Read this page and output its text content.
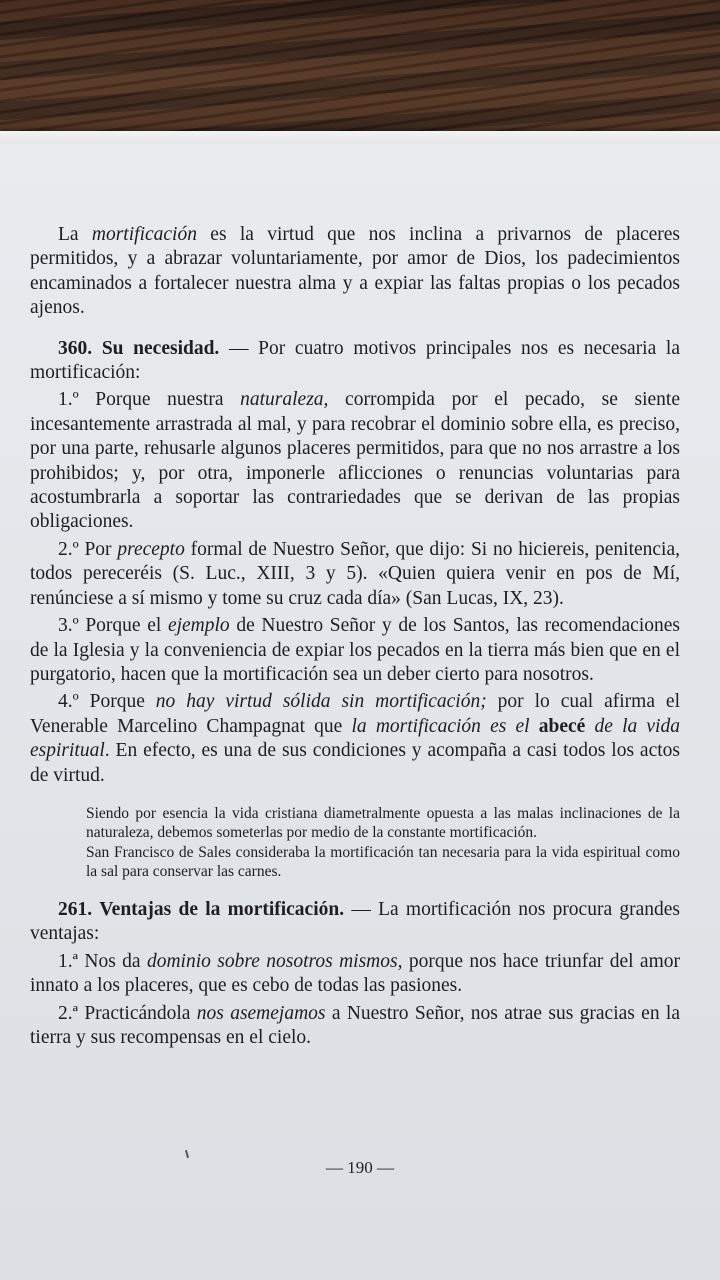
La mortificación es la virtud que nos inclina a privarnos de placeres permitidos, y a abrazar voluntariamente, por amor de Dios, los padecimientos encaminados a fortalecer nuestra alma y a expiar las faltas propias o los pecados ajenos.

360. Su necesidad. — Por cuatro motivos principales nos es necesaria la mortificación:

1.º Porque nuestra naturaleza, corrompida por el pecado, se siente incesantemente arrastrada al mal, y para recobrar el dominio sobre ella, es preciso, por una parte, rehusarle algunos placeres permitidos, para que no nos arrastre a los prohibidos; y, por otra, imponerle aflicciones o renuncias voluntarias para acostumbrarla a soportar las contrariedades que se derivan de las propias obligaciones.

2.º Por precepto formal de Nuestro Señor, que dijo: Si no hiciereis, penitencia, todos pereceréis (S. Luc., XIII, 3 y 5). «Quien quiera venir en pos de Mí, renúnciese a sí mismo y tome su cruz cada día» (San Lucas, IX, 23).

3.º Porque el ejemplo de Nuestro Señor y de los Santos, las recomendaciones de la Iglesia y la conveniencia de expiar los pecados en la tierra más bien que en el purgatorio, hacen que la mortificación sea un deber cierto para nosotros.

4.º Porque no hay virtud sólida sin mortificación; por lo cual afirma el Venerable Marcelino Champagnat que la mortificación es el abecé de la vida espiritual. En efecto, es una de sus condiciones y acompaña a casi todos los actos de virtud.

Siendo por esencia la vida cristiana diametralmente opuesta a las malas inclinaciones de la naturaleza, debemos someterlas por medio de la constante mortificación.

San Francisco de Sales consideraba la mortificación tan necesaria para la vida espiritual como la sal para conservar las carnes.

261. Ventajas de la mortificación. — La mortificación nos procura grandes ventajas:

1.ª Nos da dominio sobre nosotros mismos, porque nos hace triunfar del amor innato a los placeres, que es cebo de todas las pasiones.

2.ª Practicándola nos asemejamos a Nuestro Señor, nos atrae sus gracias en la tierra y sus recompensas en el cielo.

— 190 —
